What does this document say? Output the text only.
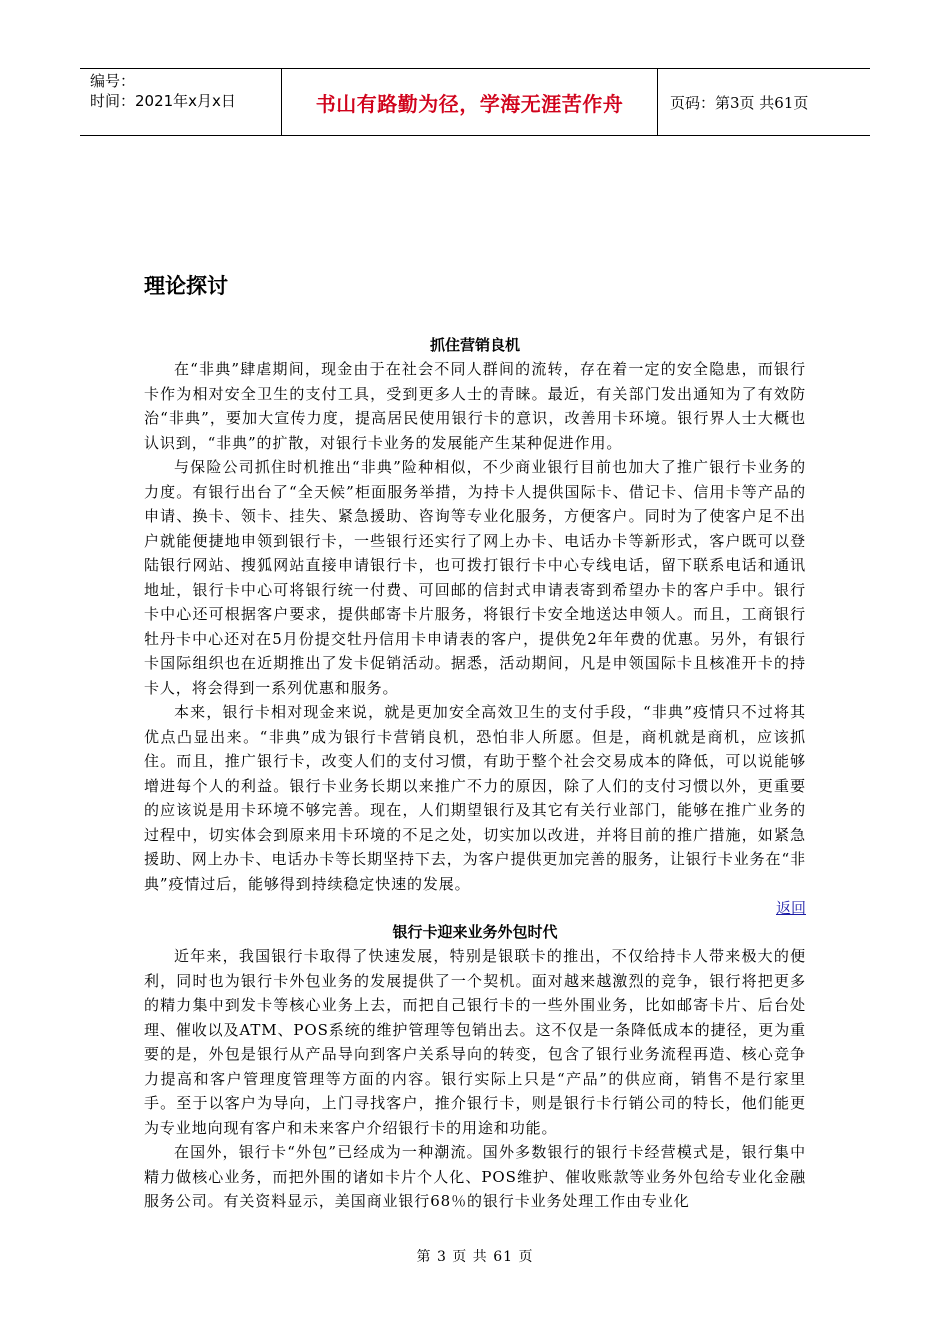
编号：
时间：2021年x月x日	书山有路勤为径，学海无涯苦作舟	页码：第3页 共61页
理论探讨
抓住营销良机

在“非典”肆虐期间，现金由于在社会不同人群间的流转，存在着一定的安全隐患，而银行卡作为相对安全卫生的支付工具，受到更多人士的青睐。最近，有关部门发出通知为了有效防治“非典”，要加大宣传力度，提高居民使用银行卡的意识，改善用卡环境。银行界人士大概也认识到，“非典”的扩散，对银行卡业务的发展能产生某种促进作用。

与保险公司抓住时机推出“非典”险种相似，不少商业银行目前也加大了推广银行卡业务的力度。有银行出台了“全天候”柜面服务举措，为持卡人提供国际卡、借记卡、信用卡等产品的申请、换卡、领卡、挂失、紧急援助、咨询等专业化服务，方便客户。同时为了使客户足不出户就能便捷地申领到银行卡，一些银行还实行了网上办卡、电话办卡等新形式，客户既可以登陆银行网站、搜狐网站直接申请银行卡，也可拨打银行卡中心专线电话，留下联系电话和通讯地址，银行卡中心可将银行统一付费、可回邮的信封式申请表寄到希望办卡的客户手中。银行卡中心还可根据客户要求，提供邮寄卡片服务，将银行卡安全地送达申领人。而且，工商银行牡丹卡中心还对在5月份提交牡丹信用卡申请表的客户，提供免2年年费的优惠。另外，有银行卡国际组织也在近期推出了发卡促销活动。据悉，活动期间，凡是申领国际卡且核准开卡的持卡人，将会得到一系列优惠和服务。

本来，银行卡相对现金来说，就是更加安全高效卫生的支付手段，“非典”疫情只不过将其优点凸显出来。“非典”成为银行卡营销良机，恐怕非人所愿。但是，商机就是商机，应该抓住。而且，推广银行卡，改变人们的支付习惯，有助于整个社会交易成本的降低，可以说能够增进每个人的利益。银行卡业务长期以来推广不力的原因，除了人们的支付习惯以外，更重要的应该说是用卡环境不够完善。现在，人们期望银行及其它有关行业部门，能够在推广业务的过程中，切实体会到原来用卡环境的不足之处，切实加以改进，并将目前的推广措施，如紧急援助、网上办卡、电话办卡等长期坚持下去，为客户提供更加完善的服务，让银行卡业务在“非典”疫情过后，能够得到持续稳定快速的发展。

返回
银行卡迎来业务外包时代

近年来，我国银行卡取得了快速发展，特别是银联卡的推出，不仅给持卡人带来极大的便利，同时也为银行卡外包业务的发展提供了一个契机。面对越来越激烈的竞争，银行将把更多的精力集中到发卡等核心业务上去，而把自己银行卡的一些外围业务，比如邮寄卡片、后台处理、催收以及ATM、POS系统的维护管理等包销出去。这不仅是一条降低成本的捷径，更为重要的是，外包是银行从产品导向到客户关系导向的转变，包含了银行业务流程再造、核心竞争力提高和客户管理度管理等方面的内容。银行实际上只是“产品”的供应商，销售不是行家里手。至于以客户为导向，上门寻找客户，推介银行卡，则是银行卡行销公司的特长，他们能更为专业地向现有客户和未来客户介绍银行卡的用途和功能。

在国外，银行卡“外包”已经成为一种潮流。国外多数银行的银行卡经营模式是，银行集中精力做核心业务，而把外围的诸如卡片个人化、POS维护、催收账款等业务外包给专业化金融服务公司。有关资料显示，美国商业银行68％的银行卡业务处理工作由专业化

第 3 页 共 61 页
